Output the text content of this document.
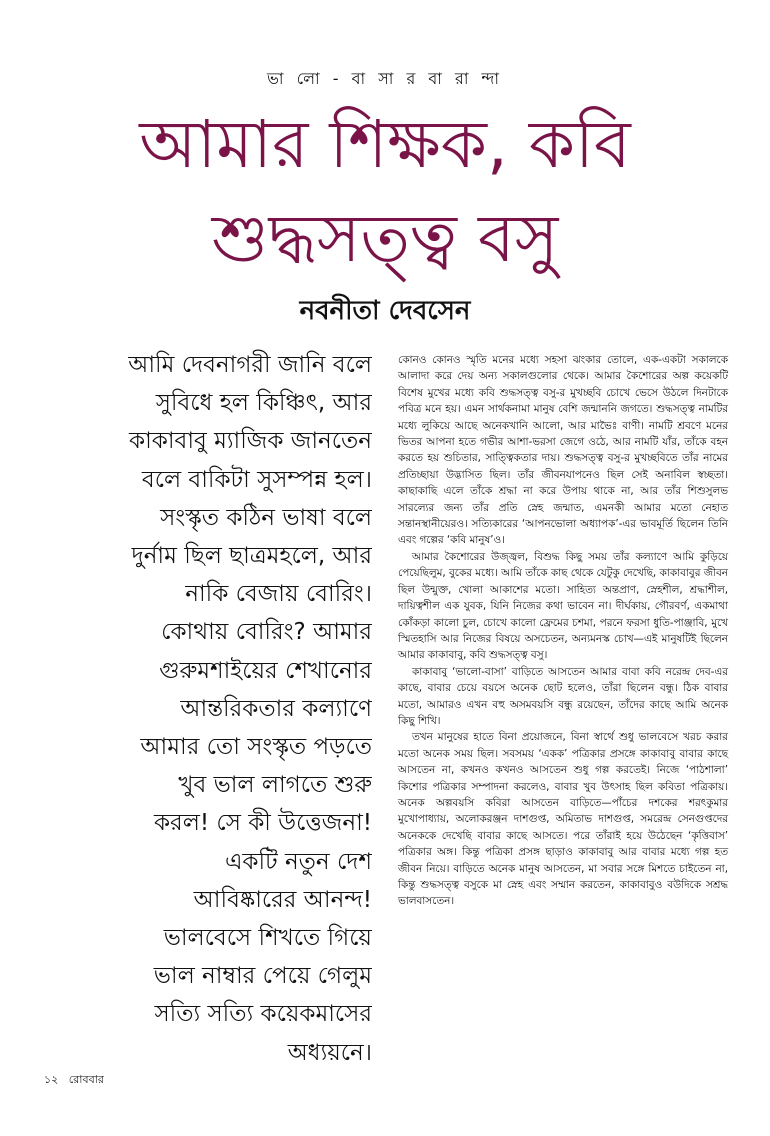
ভা লো - বা সা র বা রা ন্দা
আমার শিক্ষক, কবি
শুদ্ধসত্ত্ব বসু
নবনীতা দেবসেন
আমি দেবনাগরী জানি বলে
সুবিধে হল কিঞ্চিৎ, আর
কাকাবাবু ম্যাজিক জানতেন
বলে বাকিটা সুসম্পন্ন হল।
সংস্কৃত কঠিন ভাষা বলে
দুর্নাম ছিল ছাত্রমহলে, আর
নাকি বেজায় বোরিং।
কোথায় বোরিং? আমার
গুরুমশাইয়ের শেখানোর
আন্তরিকতার কল্যাণে
আমার তো সংস্কৃত পড়তে
খুব ভাল লাগতে শুরু
করল! সে কী উত্তেজনা!
একটি নতুন দেশ
আবিষ্কারের আনন্দ!
ভালবেসে শিখতে গিয়ে
ভাল নাম্বার পেয়ে গেলুম
সত্যি সত্যি কয়েকমাসের
অধ্যয়নে।

কোনও কোনও স্মৃতি মনের মধ্যে সহসা ঝংকার তোলে, এক-একটা সকালকে আলাদা করে দেয় অন্য সকালগুলোর থেকে। আমার কৈশোরের অল্প কয়েকটি বিশেষ মুখের মধ্যে কবি শুদ্ধসত্ত্ব বসু-র মুখচ্ছবি চোখে ভেসে উঠলে দিনটাকে পবিত্র মনে হয়। এমন সার্থকনামা মানুষ বেশি জন্মাননি জগতে। শুদ্ধসত্ত্ব নামটির মধ্যে লুকিয়ে আছে অনেকখানি আলো, আর মাভৈঃ বাণী। নামটি শ্রবণে মনের ভিতর আপনা হতে গভীর আশা-ভরসা জেগে ওঠে, আর নামটি যাঁর, তাঁকে বহন করতে হয় শুচিতার, সাত্ত্বিকতার দায়। শুদ্ধসত্ত্ব বসু-র মুখচ্ছবিতে তাঁর নামের প্রতিচ্ছায়া উদ্ভাসিত ছিল। তাঁর জীবনযাপনেও ছিল সেই অনাবিল স্বচ্ছতা। কাছাকাছি এলে তাঁকে শ্রদ্ধা না করে উপায় থাকে না, আর তাঁর শিশুসুলভ সারল্যের জন্য তাঁর প্রতি স্নেহ জন্মাত, এমনকী আমার মতো নেহাত সন্তানস্থানীয়েরও। সত্যিকারের ‘আপনভোলা অধ্যাপক’-এর ভাবমূর্তি ছিলেন তিনি এবং গল্পের ‘কবি মানুষ’ও।

আমার কৈশোরের উজ্জ্বল, বিশুদ্ধ কিছু সময় তাঁর কল্যাণে আমি কুড়িয়ে পেয়েছিলুম, বুকের মধ্যে। আমি তাঁকে কাছ থেকে যেটুকু দেখেছি, কাকাবাবুর জীবন ছিল উন্মুক্ত, খোলা আকাশের মতো। সাহিত্য অন্তপ্রাণ, স্নেহশীল, শ্রদ্ধাশীল, দায়িত্বশীল এক যুবক, যিনি নিজের কথা ভাবেন না। দীর্ঘকায়, গৌরবর্ণ, একমাথা কোঁকড়া কালো চুল, চোখে কালো ফ্রেমের চশমা, পরনে ফরসা ধুতি-পাঞ্জাবি, মুখে স্মিতহাসি আর নিজের বিষয়ে অসচেতন, অন্যমনস্ক চোখ—এই মানুষটিই ছিলেন আমার কাকাবাবু, কবি শুদ্ধসত্ত্ব বসু।

কাকাবাবু ‘ভালো-বাসা’ বাড়িতে আসতেন আমার বাবা কবি নরেন্দ্র দেব-এর কাছে, বাবার চেয়ে বয়সে অনেক ছোট হলেও, তাঁরা ছিলেন বন্ধু। ঠিক বাবার মতো, আমারও এখন বহু অসমবয়সি বন্ধু রয়েছেন, তাঁদের কাছে আমি অনেক কিছু শিখি।

তখন মানুষের হাতে বিনা প্রয়োজনে, বিনা স্বার্থে শুধু ভালবেসে খরচ করার মতো অনেক সময় ছিল। সবসময় ‘একক’ পত্রিকার প্রসঙ্গে কাকাবাবু বাবার কাছে আসতেন না, কখনও কখনও আসতেন শুধু গল্প করতেই। নিজে ‘পাঠশালা’ কিশোর পত্রিকার সম্পাদনা করলেও, বাবার খুব উৎসাহ ছিল কবিতা পত্রিকায়। অনেক অল্পবয়সি কবিরা আসতেন বাড়িতে—পাঁচের দশকের শরৎকুমার মুখোপাধ্যায়, অলোকরঞ্জন দাশগুপ্ত, অমিতাভ দাশগুপ্ত, সমরেন্দ্র সেনগুপ্তদের অনেককে দেখেছি বাবার কাছে আসতে। পরে তাঁরাই হয়ে উঠেছেন ‘কৃত্তিবাস’ পত্রিকার অঙ্গ। কিন্তু পত্রিকা প্রসঙ্গ ছাড়াও কাকাবাবু আর বাবার মধ্যে গল্প হত জীবন নিয়ে। বাড়িতে অনেক মানুষ আসতেন, মা সবার সঙ্গে মিশতে চাইতেন না, কিন্তু শুদ্ধসত্ত্ব বসুকে মা স্নেহ এবং সম্মান করতেন, কাকাবাবুও বউদিকে সশ্রদ্ধ ভালবাসতেন।

১২ রোববার
